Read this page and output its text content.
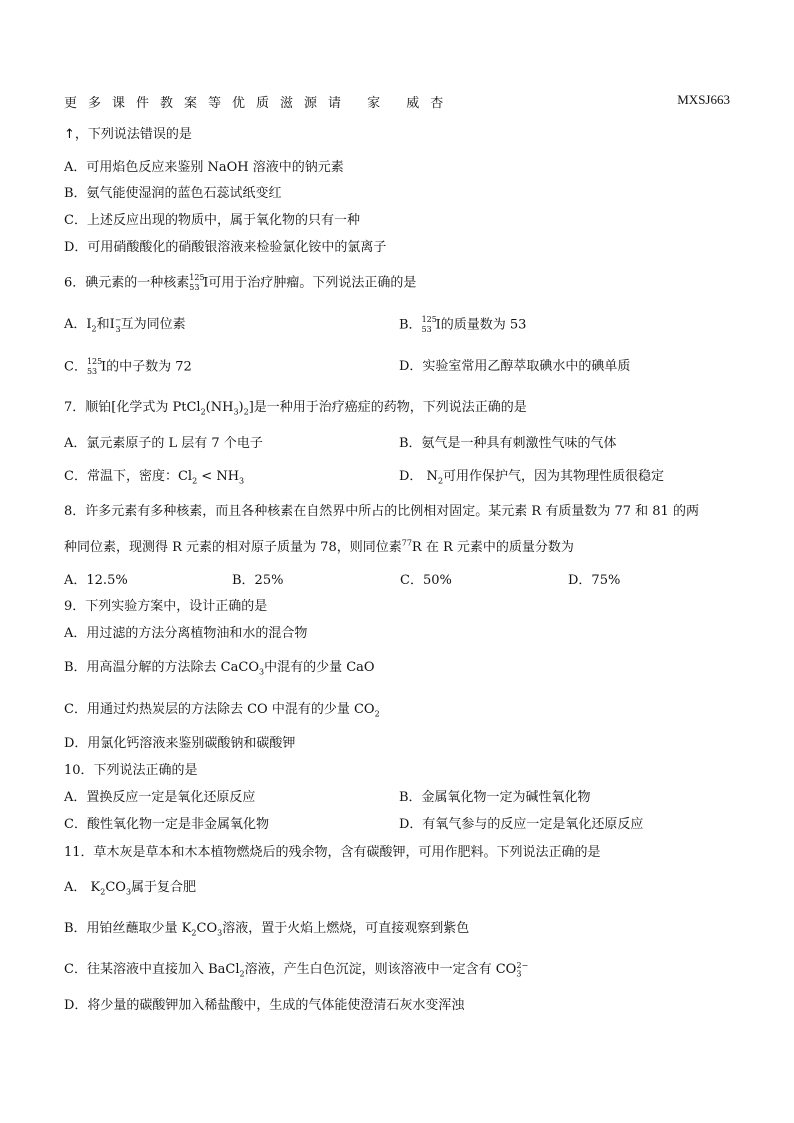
更多课件教案等优质滋源请 家 威杏	MXSJ663
↑，下列说法错误的是
A．可用焰色反应来鉴别 NaOH 溶液中的钠元素
B．氨气能使湿润的蓝色石蕊试纸变红
C．上述反应出现的物质中，属于氧化物的只有一种
D．可用硝酸酸化的硝酸银溶液来检验氯化铵中的氯离子
6．碘元素的一种核素 125
53 I可用于治疗肿瘤。下列说法正确的是
A．$I_2$和$I^-_3$互为同位素	B． 125
53 I的质量数为 53
C． 125
53 I的中子数为 72	D．实验室常用乙醇萃取碘水中的碘单质
7．顺铂[化学式为 $PtCl_2(NH_3)_2$]是一种用于治疗癌症的药物，下列说法正确的是
A．氯元素原子的 L 层有 7 个电子	B．氨气是一种具有刺激性气味的气体
C．常温下，密度：$Cl_2 < NH_3$	D． $N_2$可用作保护气，因为其物理性质很稳定
8．许多元素有多种核素，而且各种核素在自然界中所占的比例相对固定。某元素 R 有质量数为 77 和 81 的两
种同位素，现测得 R 元素的相对原子质量为 78，则同位素$^{77}$R 在 R 元素中的质量分数为
A．12.5%	B．25%	C．50%	D．75%
9．下列实验方案中，设计正确的是
A．用过滤的方法分离植物油和水的混合物
B．用高温分解的方法除去 CaCO$_3$中混有的少量 CaO
C．用通过灼热炭层的方法除去 CO 中混有的少量 $CO_2$
D．用氯化钙溶液来鉴别碳酸钠和碳酸钾
10．下列说法正确的是
A．置换反应一定是氧化还原反应	B．金属氧化物一定为碱性氧化物
C．酸性氧化物一定是非金属氧化物	D．有氧气参与的反应一定是氧化还原反应
11．草木灰是草本和木本植物燃烧后的残余物，含有碳酸钾，可用作肥料。下列说法正确的是
A． $K_2CO_3$属于复合肥
B．用铂丝蘸取少量 $K_2CO_3$溶液，置于火焰上燃烧，可直接观察到紫色
C．往某溶液中直接加入 BaCl$_2$溶液，产生白色沉淀，则该溶液中一定含有 $CO_3^{2-}$
D．将少量的碳酸钾加入稀盐酸中，生成的气体能使澄清石灰水变浑浊
